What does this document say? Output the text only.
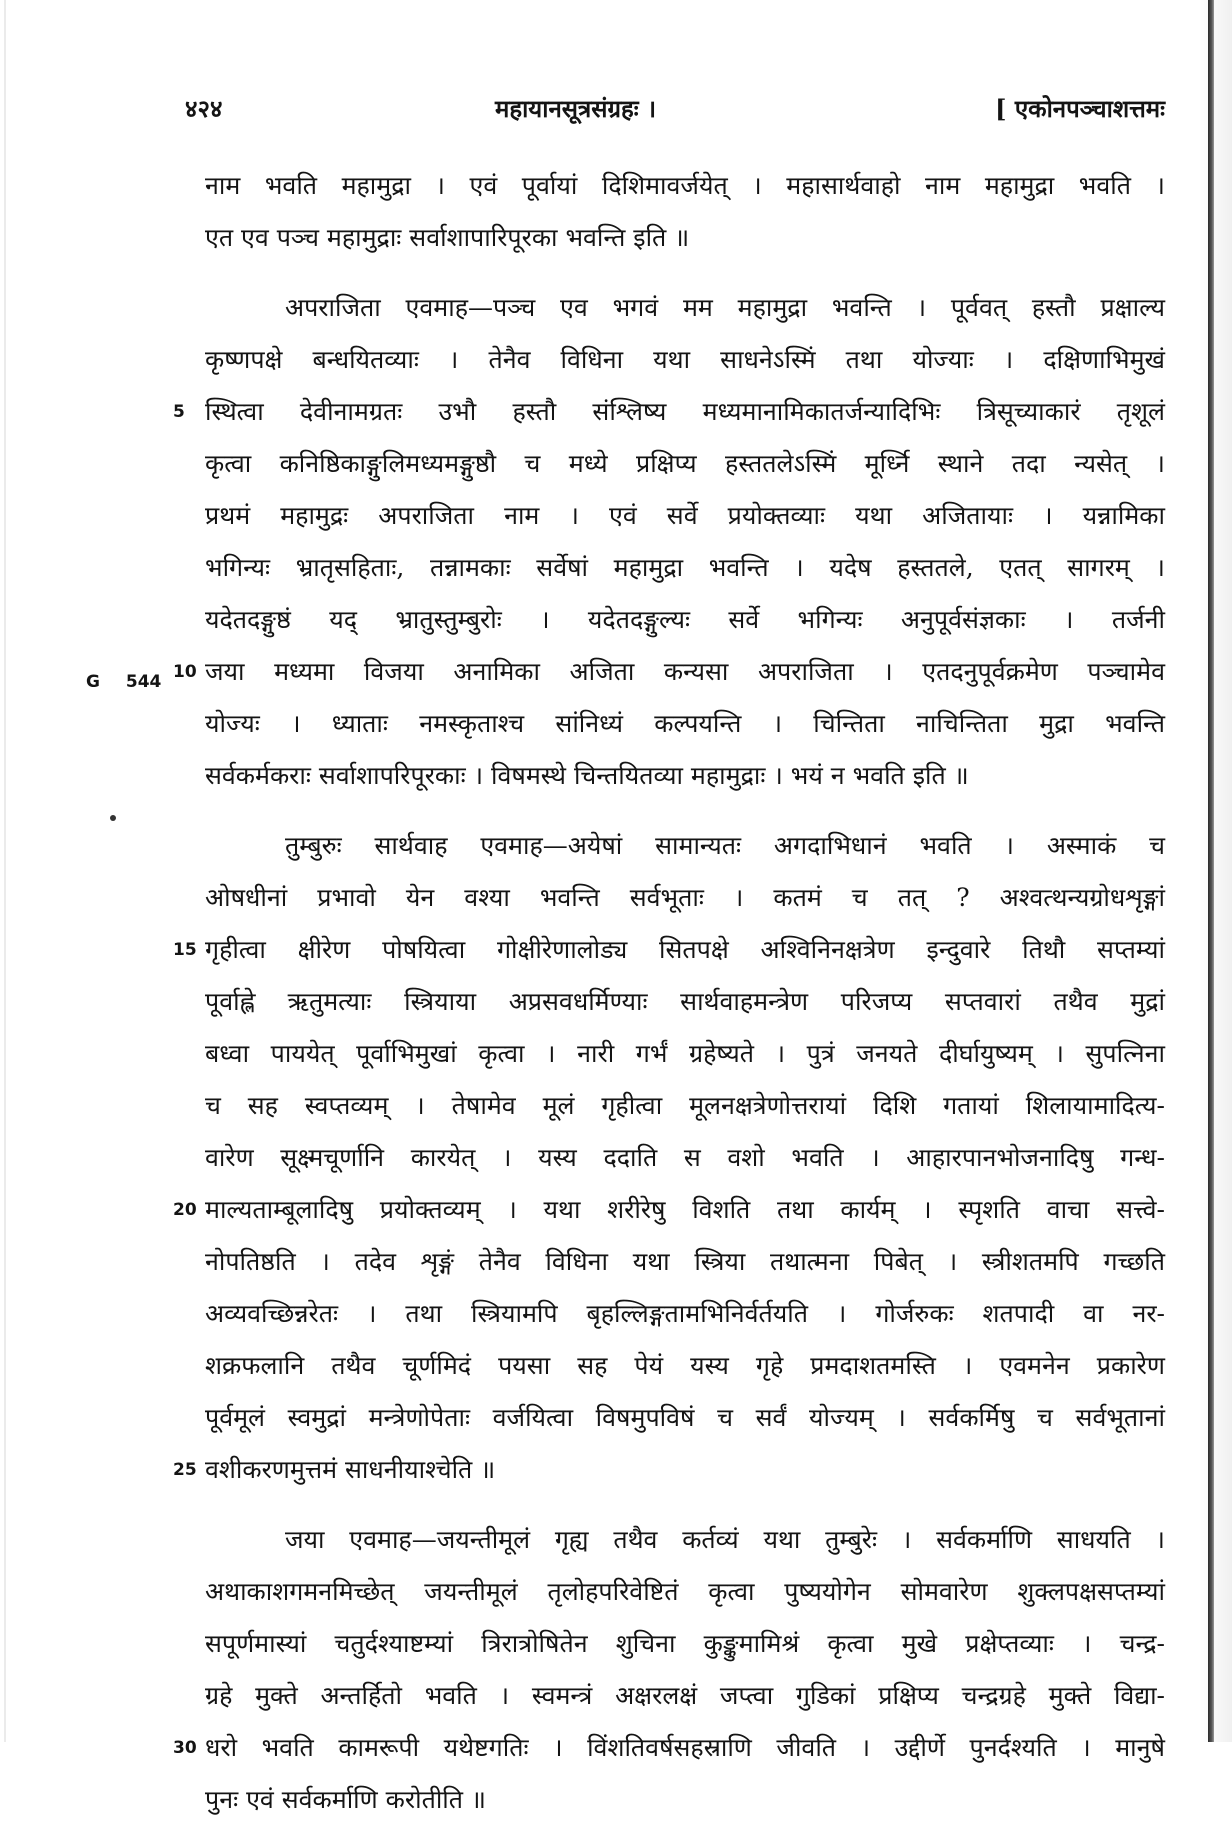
४२४	महायानसूत्रसंग्रहः ।	[ एकोनपञ्चाशत्तमः
G 544
नाम भवति महामुद्रा । एवं पूर्वायां दिशिमावर्जयेत् । महासार्थवाहो नाम महामुद्रा भवति ।
एत एव पञ्च महामुद्राः सर्वाशापारिपूरका भवन्ति इति ॥
अपराजिता एवमाह—पञ्च एव भगवं मम महामुद्रा भवन्ति । पूर्ववत् हस्तौ प्रक्षाल्य
कृष्णपक्षे बन्धयितव्याः । तेनैव विधिना यथा साधनेऽस्मिं तथा योज्याः । दक्षिणाभिमुखं
5 स्थित्वा देवीनामग्रतः उभौ हस्तौ संश्लिष्य मध्यमानामिकातर्जन्यादिभिः त्रिसूच्याकारं तृशूलं
कृत्वा कनिष्ठिकाङ्गुलिमध्यमङ्गुष्ठौ च मध्ये प्रक्षिप्य हस्ततलेऽस्मिं मूर्ध्नि स्थाने तदा न्यसेत् ।
प्रथमं महामुद्रः अपराजिता नाम । एवं सर्वे प्रयोक्तव्याः यथा अजितायाः । यन्नामिका
भगिन्यः भ्रातृसहिताः, तन्नामकाः सर्वेषां महामुद्रा भवन्ति । यदेष हस्ततले, एतत् सागरम् ।
यदेतदङ्गुष्ठं यद् भ्रातुस्तुम्बुरोः । यदेतदङ्गुल्यः सर्वे भगिन्यः अनुपूर्वसंज्ञकाः । तर्जनी
10 जया मध्यमा विजया अनामिका अजिता कन्यसा अपराजिता । एतदनुपूर्वक्रमेण पञ्चामेव
योज्यः । ध्याताः नमस्कृताश्च सांनिध्यं कल्पयन्ति । चिन्तिता नाचिन्तिता मुद्रा भवन्ति
सर्वकर्मकराः सर्वाशापरिपूरकाः । विषमस्थे चिन्तयितव्या महामुद्राः । भयं न भवति इति ॥
तुम्बुरुः सार्थवाह एवमाह—अयेषां सामान्यतः अगदाभिधानं भवति । अस्माकं च
ओषधीनां प्रभावो येन वश्या भवन्ति सर्वभूताः । कतमं च तत् ? अश्वत्थन्यग्रोधशृङ्गां
15 गृहीत्वा क्षीरेण पोषयित्वा गोक्षीरेणालोड्य सितपक्षे अश्विनिनक्षत्रेण इन्दुवारे तिथौ सप्तम्यां
पूर्वाह्ले ऋतुमत्याः स्त्रियाया अप्रसवधर्मिण्याः सार्थवाहमन्त्रेण परिजप्य सप्तवारां तथैव मुद्रां
बध्वा पाययेत् पूर्वाभिमुखां कृत्वा । नारी गर्भं ग्रहेष्यते । पुत्रं जनयते दीर्घायुष्यम् । सुपत्निना
च सह स्वप्तव्यम् । तेषामेव मूलं गृहीत्वा मूलनक्षत्रेणोत्तरायां दिशि गतायां शिलायामादित्य-
वारेण सूक्ष्मचूर्णानि कारयेत् । यस्य ददाति स वशो भवति । आहारपानभोजनादिषु गन्ध-
20 माल्यताम्बूलादिषु प्रयोक्तव्यम् । यथा शरीरेषु विशति तथा कार्यम् । स्पृशति वाचा सत्त्वे-
नोपतिष्ठति । तदेव शृङ्गं तेनैव विधिना यथा स्त्रिया तथात्मना पिबेत् । स्त्रीशतमपि गच्छति
अव्यवच्छिन्नरेतः । तथा स्त्रियामपि बृहल्लिङ्गतामभिनिर्वर्तयति । गोर्जरुकः शतपादी वा नर-
शक्रफलानि तथैव चूर्णमिदं पयसा सह पेयं यस्य गृहे प्रमदाशतमस्ति । एवमनेन प्रकारेण
पूर्वमूलं स्वमुद्रां मन्त्रेणोपेताः वर्जयित्वा विषमुपविषं च सर्वं योज्यम् । सर्वकर्मिषु च सर्वभूतानां
25 वशीकरणमुत्तमं साधनीयाश्चेति ॥
जया एवमाह—जयन्तीमूलं गृह्य तथैव कर्तव्यं यथा तुम्बुरेः । सर्वकर्माणि साधयति ।
अथाकाशगमनमिच्छेत् जयन्तीमूलं तृलोहपरिवेष्टितं कृत्वा पुष्ययोगेन सोमवारेण शुक्लपक्षसप्तम्यां
सपूर्णमास्यां चतुर्दश्याष्टम्यां त्रिरात्रोषितेन शुचिना कुङ्कुमामिश्रं कृत्वा मुखे प्रक्षेप्तव्याः । चन्द्र-
ग्रहे मुक्ते अन्तर्हितो भवति । स्वमन्त्रं अक्षरलक्षं जप्त्वा गुडिकां प्रक्षिप्य चन्द्रग्रहे मुक्ते विद्या-
30 धरो भवति कामरूपी यथेष्टगतिः । विंशतिवर्षसहस्राणि जीवति । उद्दीर्णे पुनर्दश्यति । मानुषे
पुनः एवं सर्वकर्माणि करोतीति ॥
